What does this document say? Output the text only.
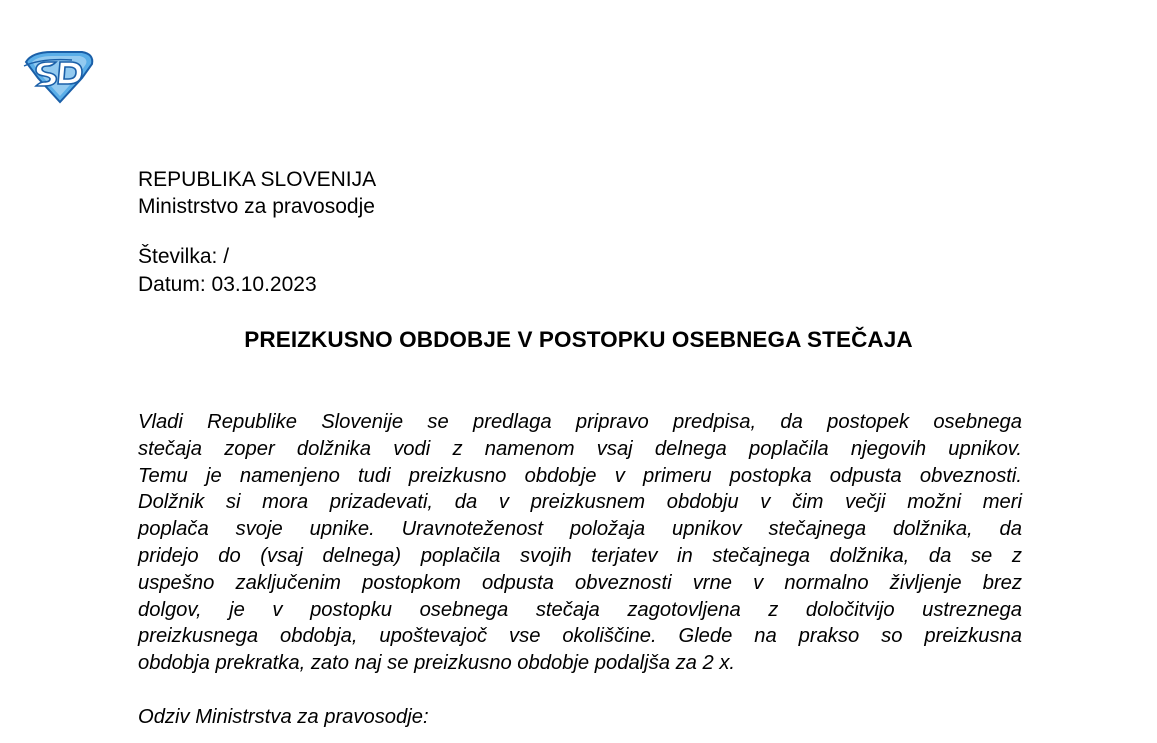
REPUBLIKA SLOVENIJA
Ministrstvo za pravosodje
Številka: /
Datum: 03.10.2023
PREIZKUSNO OBDOBJE V POSTOPKU OSEBNEGA STEČAJA
Vladi Republike Slovenije se predlaga pripravo predpisa, da postopek osebnega
stečaja zoper dolžnika vodi z namenom vsaj delnega poplačila njegovih upnikov.
Temu je namenjeno tudi preizkusno obdobje v primeru postopka odpusta obveznosti.
Dolžnik si mora prizadevati, da v preizkusnem obdobju v čim večji možni meri
poplača svoje upnike. Uravnoteženost položaja upnikov stečajnega dolžnika, da
pridejo do (vsaj delnega) poplačila svojih terjatev in stečajnega dolžnika, da se z
uspešno zaključenim postopkom odpusta obveznosti vrne v normalno življenje brez
dolgov, je v postopku osebnega stečaja zagotovljena z določitvijo ustreznega
preizkusnega obdobja, upoštevajoč vse okoliščine. Glede na prakso so preizkusna
obdobja prekratka, zato naj se preizkusno obdobje podaljša za 2 x.
Odziv Ministrstva za pravosodje:
